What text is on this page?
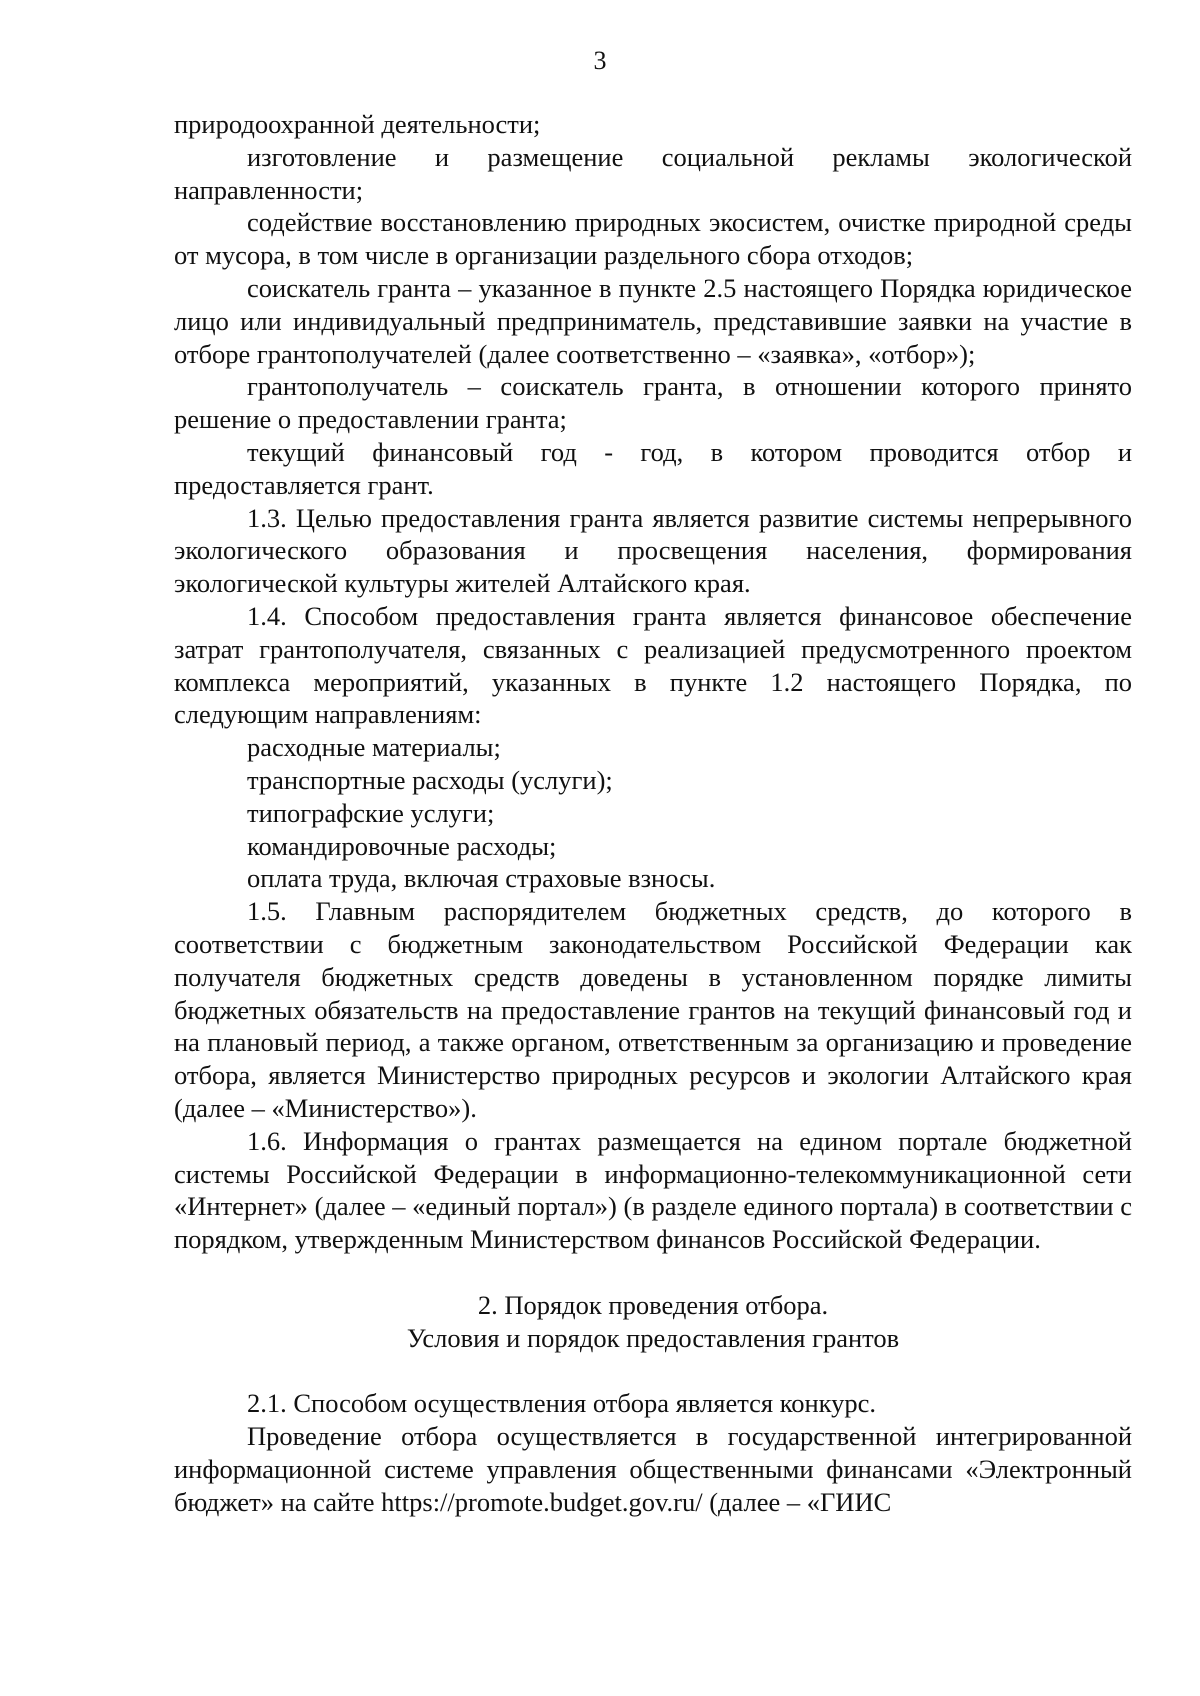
3

природоохранной деятельности;

изготовление и размещение социальной рекламы экологической направленности;

содействие восстановлению природных экосистем, очистке природной среды от мусора, в том числе в организации раздельного сбора отходов;

соискатель гранта – указанное в пункте 2.5 настоящего Порядка юридическое лицо или индивидуальный предприниматель, представившие заявки на участие в отборе грантополучателей (далее соответственно – «заявка», «отбор»);

грантополучатель – соискатель гранта, в отношении которого принято решение о предоставлении гранта;

текущий финансовый год - год, в котором проводится отбор и предоставляется грант.

1.3. Целью предоставления гранта является развитие системы непрерывного экологического образования и просвещения населения, формирования экологической культуры жителей Алтайского края.

1.4. Способом предоставления гранта является финансовое обеспечение затрат грантополучателя, связанных с реализацией предусмотренного проектом комплекса мероприятий, указанных в пункте 1.2 настоящего Порядка, по следующим направлениям:

расходные материалы;

транспортные расходы (услуги);

типографские услуги;

командировочные расходы;

оплата труда, включая страховые взносы.

1.5. Главным распорядителем бюджетных средств, до которого в соответствии с бюджетным законодательством Российской Федерации как получателя бюджетных средств доведены в установленном порядке лимиты бюджетных обязательств на предоставление грантов на текущий финансовый год и на плановый период, а также органом, ответственным за организацию и проведение отбора, является Министерство природных ресурсов и экологии Алтайского края (далее – «Министерство»).

1.6. Информация о грантах размещается на едином портале бюджетной системы Российской Федерации в информационно-телекоммуникационной сети «Интернет» (далее – «единый портал») (в разделе единого портала) в соответствии с порядком, утвержденным Министерством финансов Российской Федерации.

2. Порядок проведения отбора.

Условия и порядок предоставления грантов

2.1. Способом осуществления отбора является конкурс.

Проведение отбора осуществляется в государственной интегрированной информационной системе управления общественными финансами «Электронный бюджет» на сайте https://promote.budget.gov.ru/ (далее – «ГИИС
